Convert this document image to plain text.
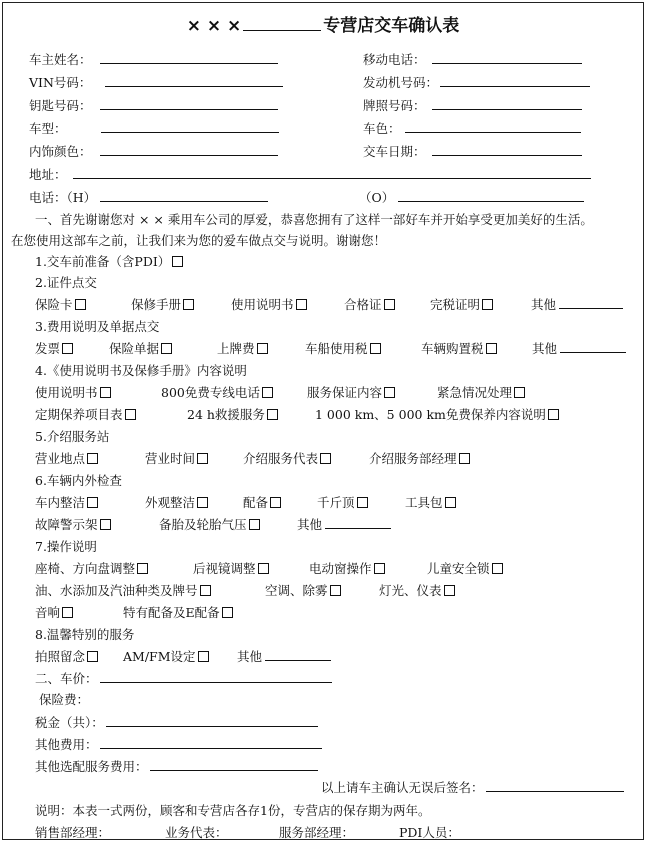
× × ×	专营店交车确认表
车主姓名：	移动电话：
VIN号码：	发动机号码：
钥匙号码：	牌照号码：
车型：	车色：
内饰颜色：	交车日期：
地址：
电话：（H）	（O）
一、首先谢谢您对 × × 乘用车公司的厚爱，恭喜您拥有了这样一部好车并开始享受更加美好的生活。
在您使用这部车之前，让我们来为您的爱车做点交与说明。谢谢您！
1.交车前准备（含PDI）
2.证件点交
保险卡	保修手册	使用说明书	合格证	完税证明	其他
3.费用说明及单据点交
发票	保险单据	上牌费	车船使用税	车辆购置税	其他
4.《使用说明书及保修手册》内容说明
使用说明书	800免费专线电话	服务保证内容	紧急情况处理
定期保养项目表	24 h救援服务	1 000 km、5 000 km免费保养内容说明
5.介绍服务站
营业地点	营业时间	介绍服务代表	介绍服务部经理
6.车辆内外检查
车内整洁	外观整洁	配备	千斤顶	工具包
故障警示架	备胎及轮胎气压	其他
7.操作说明
座椅、方向盘调整	后视镜调整	电动窗操作	儿童安全锁
油、水添加及汽油种类及牌号	空调、除雾	灯光、仪表
音响	特有配备及E配备
8.温馨特别的服务
拍照留念	AM/FM设定	其他
二、车价：
保险费：
税金（共）：
其他费用：
其他选配服务费用：
以上请车主确认无误后签名：
说明：本表一式两份，顾客和专营店各存1份，专营店的保存期为两年。
销售部经理：	业务代表：	服务部经理：	PDI人员：
